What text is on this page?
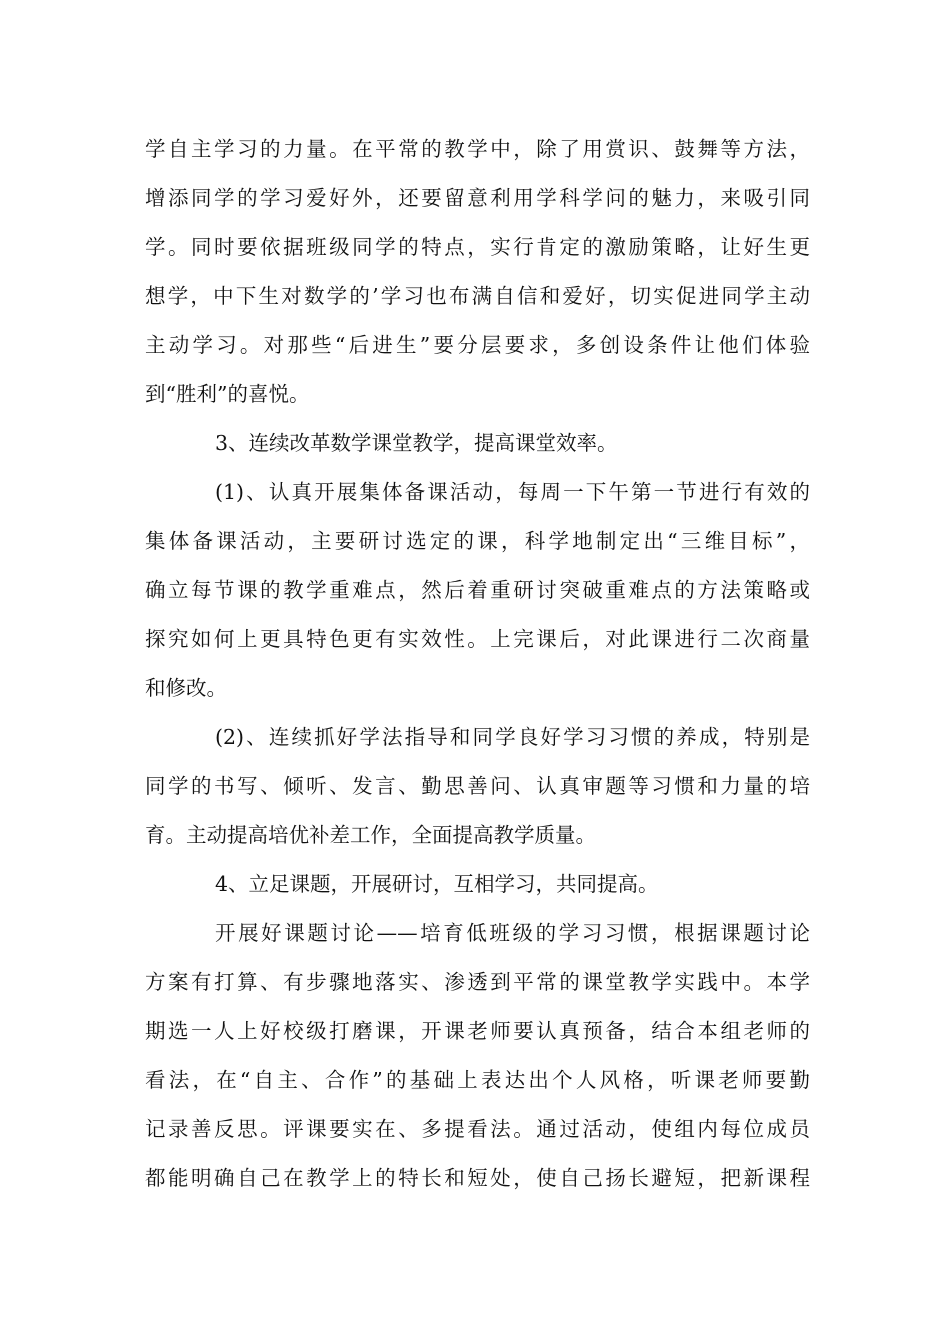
学自主学习的力量。在平常的教学中，除了用赏识、鼓舞等方法，
增添同学的学习爱好外，还要留意利用学科学问的魅力，来吸引同
学。同时要依据班级同学的特点，实行肯定的激励策略，让好生更
想学，中下生对数学的’学习也布满自信和爱好，切实促进同学主动
主动学习。对那些“后进生”要分层要求，多创设条件让他们体验
到“胜利”的喜悦。
3、连续改革数学课堂教学，提高课堂效率。
(1)、认真开展集体备课活动，每周一下午第一节进行有效的
集体备课活动，主要研讨选定的课，科学地制定出“三维目标”，
确立每节课的教学重难点，然后着重研讨突破重难点的方法策略或
探究如何上更具特色更有实效性。上完课后，对此课进行二次商量
和修改。
(2)、连续抓好学法指导和同学良好学习习惯的养成，特别是
同学的书写、倾听、发言、勤思善问、认真审题等习惯和力量的培
育。主动提高培优补差工作，全面提高教学质量。
4、立足课题，开展研讨，互相学习，共同提高。
开展好课题讨论——培育低班级的学习习惯，根据课题讨论
方案有打算、有步骤地落实、渗透到平常的课堂教学实践中。本学
期选一人上好校级打磨课，开课老师要认真预备，结合本组老师的
看法，在“自主、合作”的基础上表达出个人风格，听课老师要勤
记录善反思。评课要实在、多提看法。通过活动，使组内每位成员
都能明确自己在教学上的特长和短处，使自己扬长避短，把新课程
